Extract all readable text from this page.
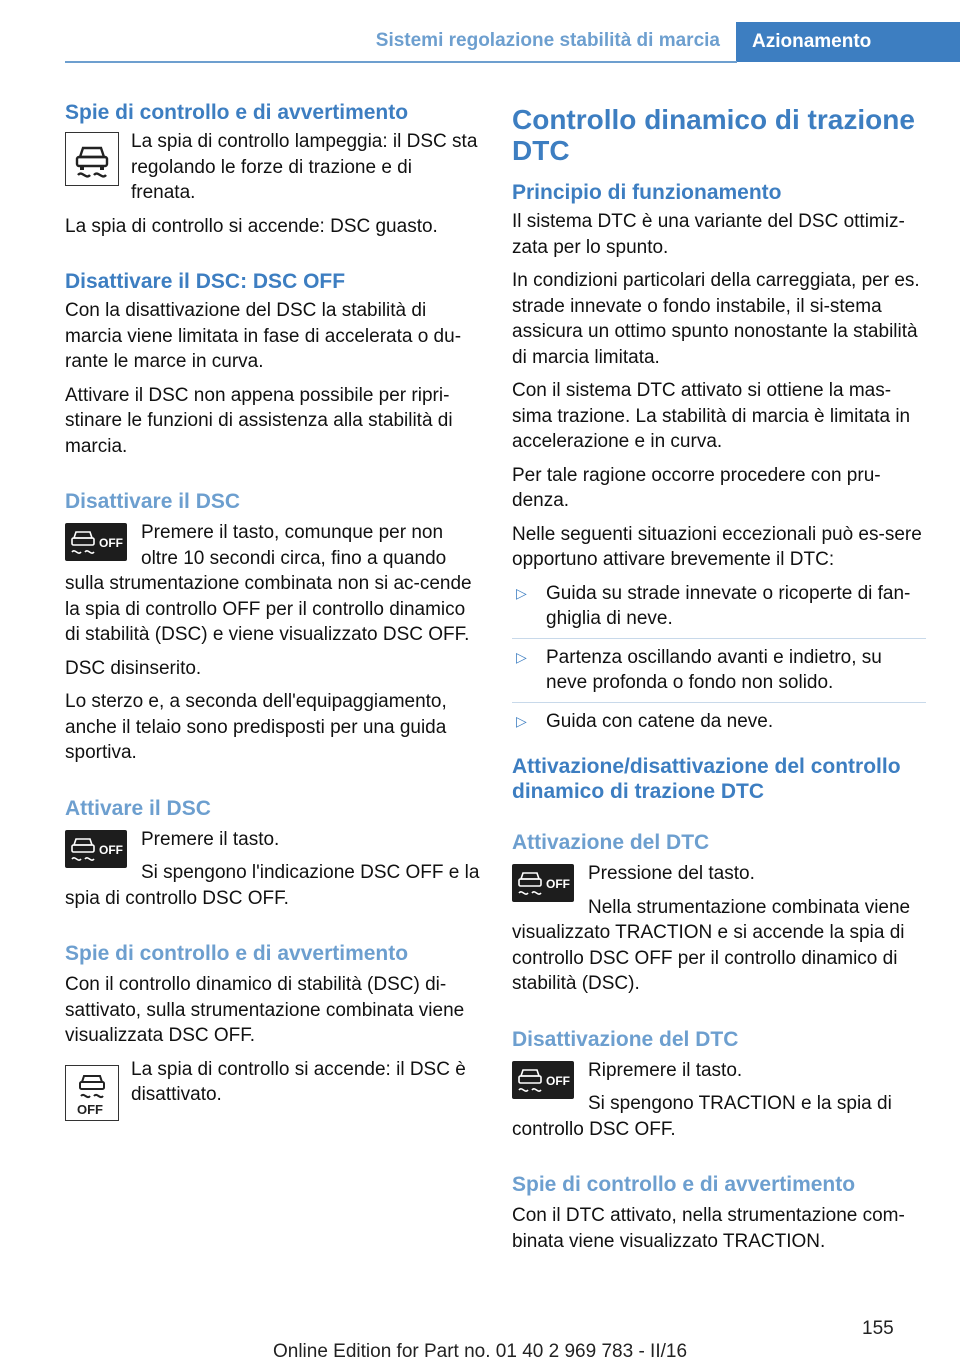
Sistemi regolazione stabilità di marcia	Azionamento
Spie di controllo e di avvertimento

La spia di controllo lampeggia: il DSC sta regolando le forze di trazione e di frenata.

La spia di controllo si accende: DSC guasto.

Disattivare il DSC: DSC OFF

Con la disattivazione del DSC la stabilità di marcia viene limitata in fase di accelerata o du-rante le marce in curva.

Attivare il DSC non appena possibile per ripri-stinare le funzioni di assistenza alla stabilità di marcia.

Disattivare il DSC
OFF Premere il tasto, comunque per non oltre 10 secondi circa, fino a quando sulla strumentazione combinata non si ac-cende la spia di controllo OFF per il controllo dinamico di stabilità (DSC) e viene visualizzato DSC OFF.

DSC disinserito.

Lo sterzo e, a seconda dell'equipaggiamento, anche il telaio sono predisposti per una guida sportiva.

Attivare il DSC
OFF Premere il tasto.

Si spengono l'indicazione DSC OFF e la spia di controllo DSC OFF.

Spie di controllo e di avvertimento

Con il controllo dinamico di stabilità (DSC) di-sattivato, sulla strumentazione combinata viene visualizzata DSC OFF.

OFF

La spia di controllo si accende: il DSC è disattivato.

Controllo dinamico di trazione DTC
Principio di funzionamento

Il sistema DTC è una variante del DSC ottimiz-zata per lo spunto.

In condizioni particolari della carreggiata, per es. strade innevate o fondo instabile, il si-stema assicura un ottimo spunto nonostante la stabilità di marcia limitata.

Con il sistema DTC attivato si ottiene la mas-sima trazione. La stabilità di marcia è limitata in accelerazione e in curva.

Per tale ragione occorre procedere con pru-denza.

Nelle seguenti situazioni eccezionali può es-sere opportuno attivare brevemente il DTC:

▷ Guida su strade innevate o ricoperte di fan-ghiglia di neve.
▷ Partenza oscillando avanti e indietro, su neve profonda o fondo non solido.
▷ Guida con catene da neve.
Attivazione/disattivazione del controllo dinamico di trazione DTC
Attivazione del DTC
OFF Pressione del tasto.

Nella strumentazione combinata viene visualizzato TRACTION e si accende la spia di controllo DSC OFF per il controllo dinamico di stabilità (DSC).

Disattivazione del DTC
OFF Ripremere il tasto.

Si spengono TRACTION e la spia di controllo DSC OFF.

Spie di controllo e di avvertimento

Con il DTC attivato, nella strumentazione com-binata viene visualizzato TRACTION.

155
Online Edition for Part no. 01 40 2 969 783 - II/16
